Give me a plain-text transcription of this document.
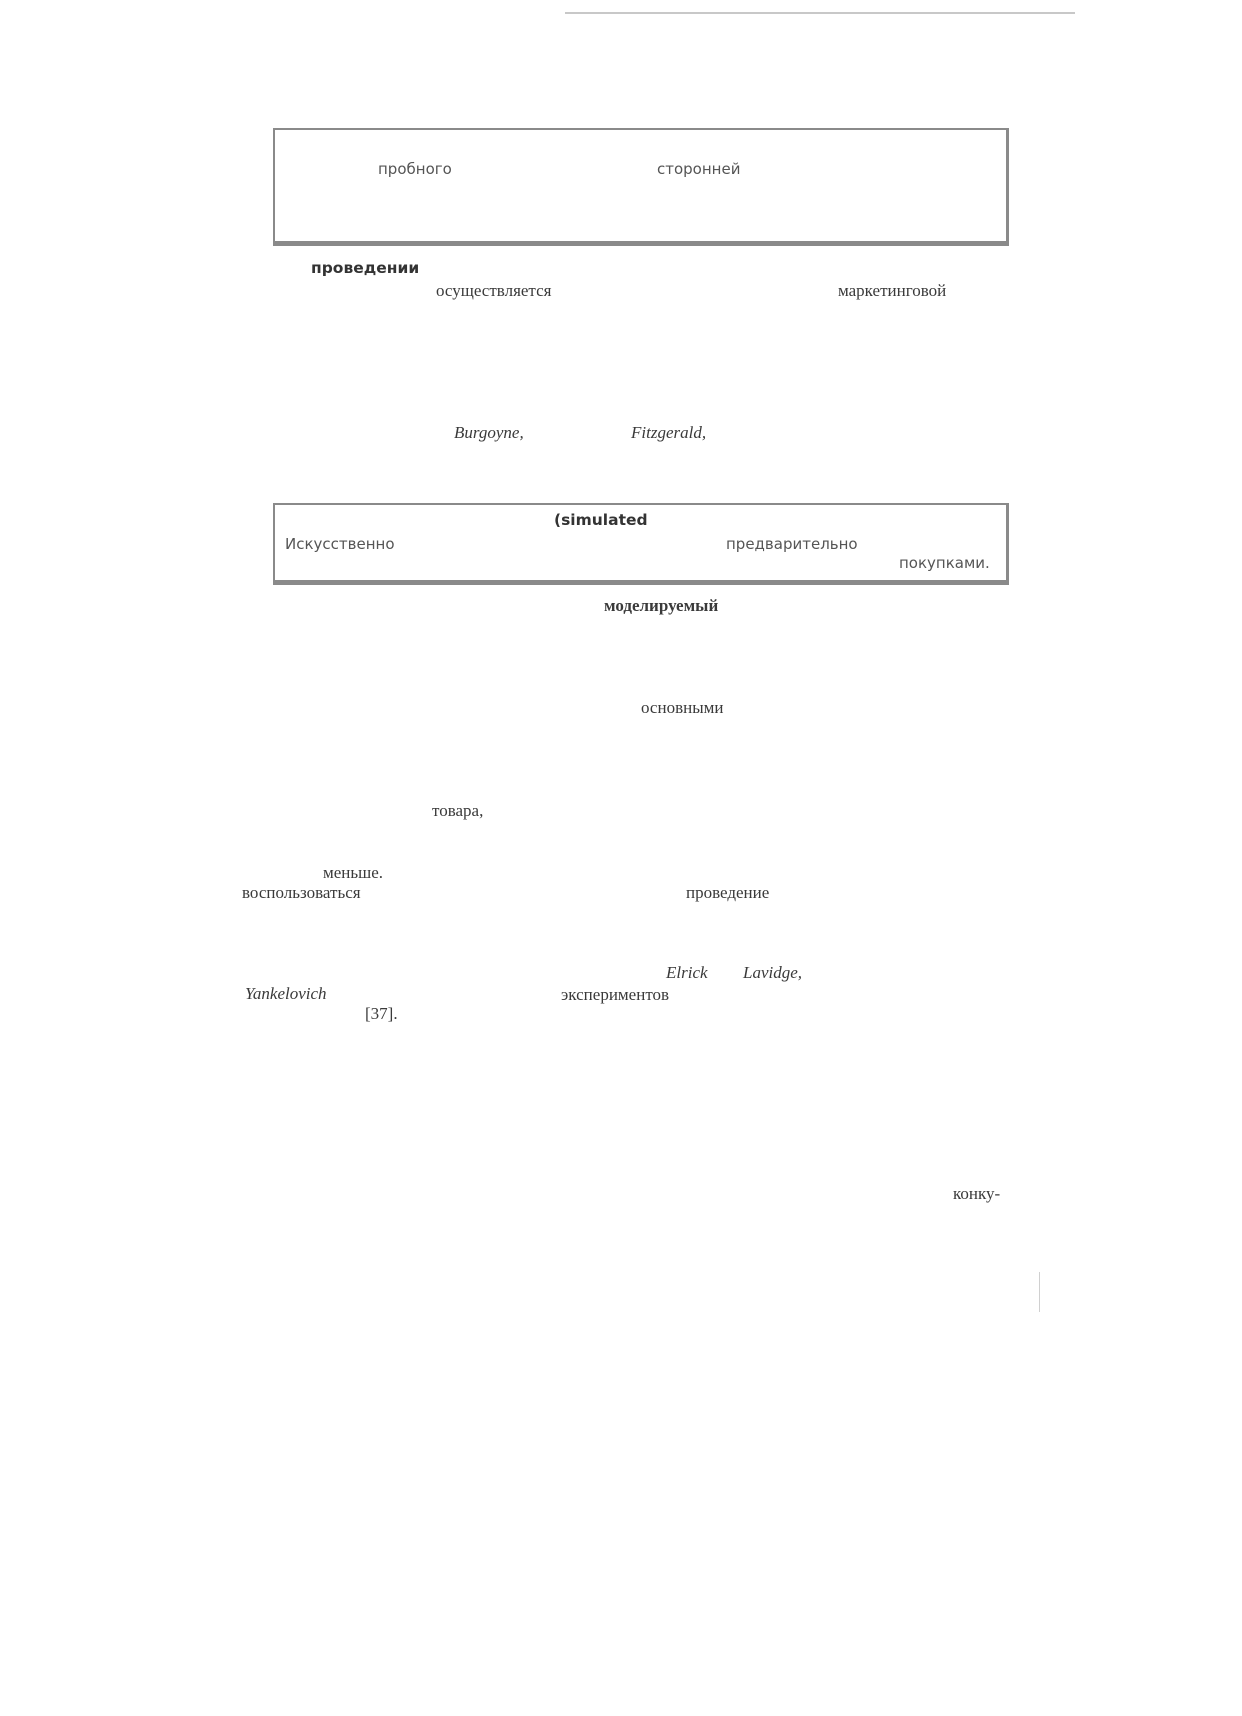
пробного	сторонней
проведении
осуществляется	маркетинговой
Burgoyne,	Fitzgerald,
(simulated
Искусственно	предварительно
покупками.
моделируемый
основными
товара,
меньше.
воспользоваться	проведение
Elrick Lavidge,
Yankelovich	экспериментов
[37].
конку-
